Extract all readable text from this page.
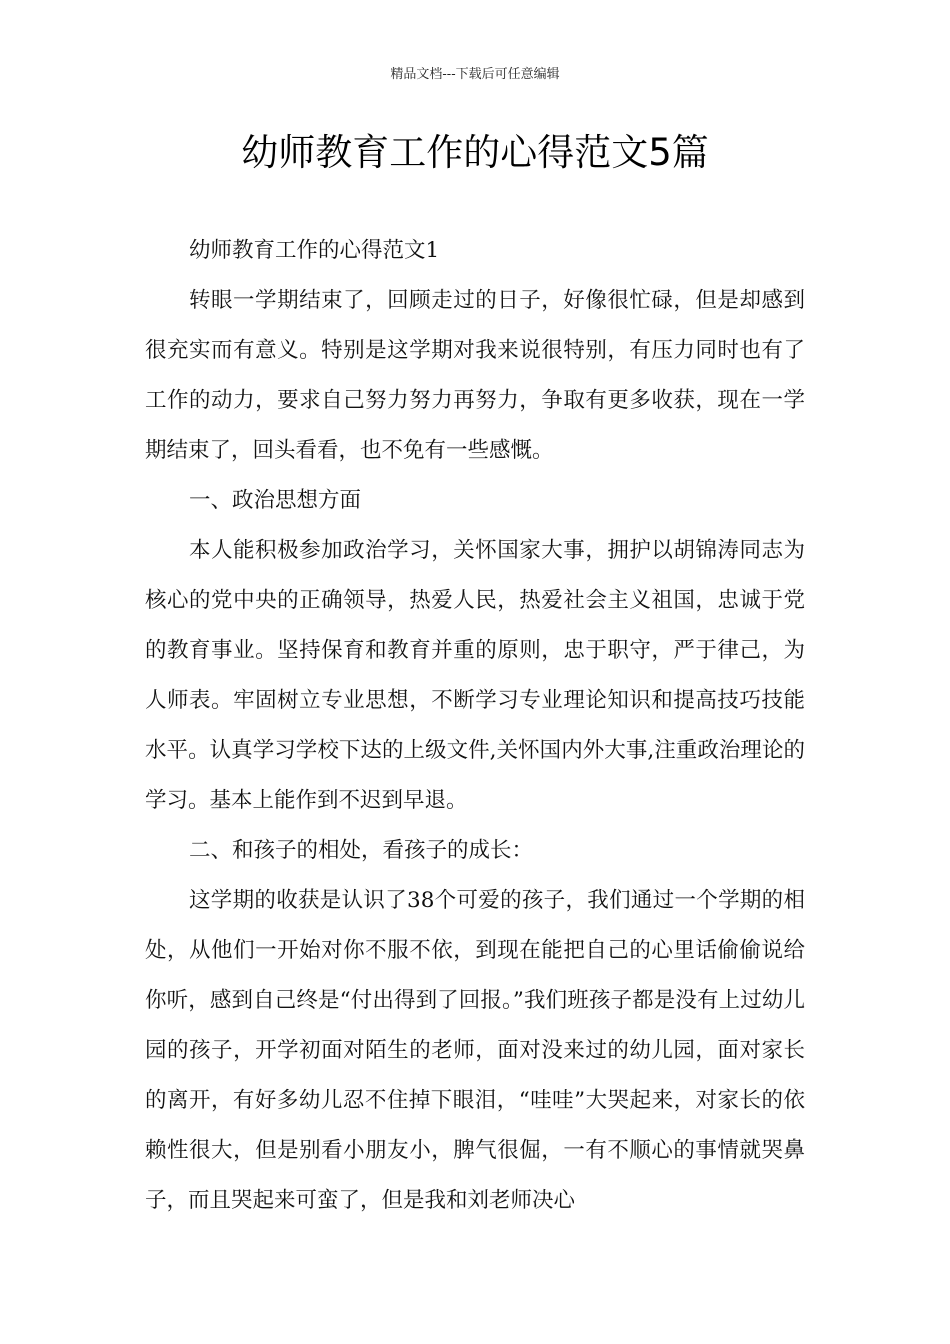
精品文档---下载后可任意编辑
幼师教育工作的心得范文5篇

幼师教育工作的心得范文1

转眼一学期结束了，回顾走过的日子，好像很忙碌，但是却感到很充实而有意义。特别是这学期对我来说很特别，有压力同时也有了工作的动力，要求自己努力努力再努力，争取有更多收获，现在一学期结束了，回头看看，也不免有一些感慨。

一、政治思想方面

本人能积极参加政治学习，关怀国家大事，拥护以胡锦涛同志为核心的党中央的正确领导，热爱人民，热爱社会主义祖国，忠诚于党的教育事业。坚持保育和教育并重的原则，忠于职守，严于律己，为人师表。牢固树立专业思想，不断学习专业理论知识和提高技巧技能水平。认真学习学校下达的上级文件,关怀国内外大事,注重政治理论的学习。基本上能作到不迟到早退。

二、和孩子的相处，看孩子的成长：

这学期的收获是认识了38个可爱的孩子，我们通过一个学期的相处，从他们一开始对你不服不依，到现在能把自己的心里话偷偷说给你听，感到自己终是“付出得到了回报。”我们班孩子都是没有上过幼儿园的孩子，开学初面对陌生的老师，面对没来过的幼儿园，面对家长的离开，有好多幼儿忍不住掉下眼泪，“哇哇”大哭起来，对家长的依赖性很大，但是别看小朋友小，脾气很倔，一有不顺心的事情就哭鼻子，而且哭起来可蛮了，但是我和刘老师决心
